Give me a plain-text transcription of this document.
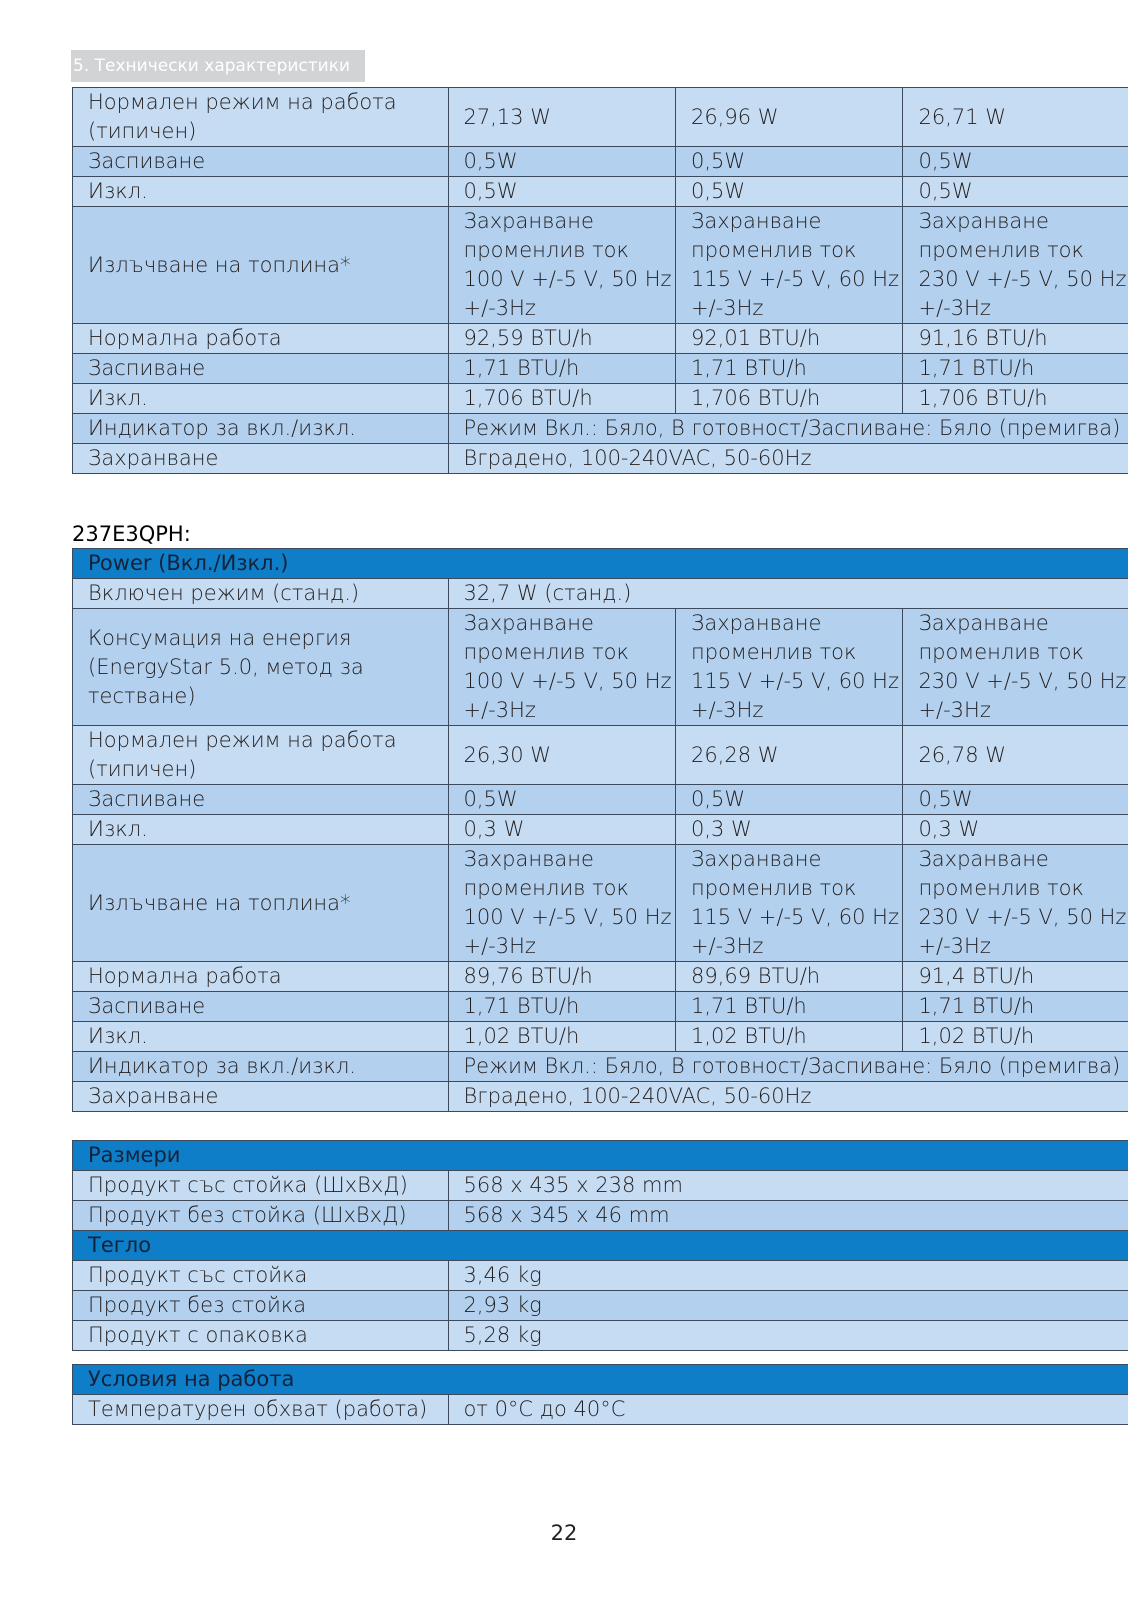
5. Технически характеристики
Нормален режим на работа (типичен)	27,13 W	26,96 W	26,71 W
Заспиване	0,5W	0,5W	0,5W
Изкл.	0,5W	0,5W	0,5W
Излъчване на топлина*	Захранване променлив ток 100 V +/-5 V, 50 Hz +/-3Hz	Захранване променлив ток 115 V +/-5 V, 60 Hz +/-3Hz	Захранване променлив ток 230 V +/-5 V, 50 Hz +/-3Hz
Нормална работа	92,59 BTU/h	92,01 BTU/h	91,16 BTU/h
Заспиване	1,71 BTU/h	1,71 BTU/h	1,71 BTU/h
Изкл.	1,706 BTU/h	1,706 BTU/h	1,706 BTU/h
Индикатор за вкл./изкл.	Режим Вкл.: Бяло, В готовност/Заспиване: Бяло (премигва)		
Захранване	Вградено, 100-240VAC, 50-60Hz		
237E3QPH:
Power (Вкл./Изкл.)			
Включен режим (станд.)	32,7 W (станд.)		
Консумация на енергия (EnergyStar 5.0, метод за тестване)	Захранване променлив ток 100 V +/-5 V, 50 Hz +/-3Hz	Захранване променлив ток 115 V +/-5 V, 60 Hz +/-3Hz	Захранване променлив ток 230 V +/-5 V, 50 Hz +/-3Hz
Нормален режим на работа (типичен)	26,30 W	26,28 W	26,78 W
Заспиване	0,5W	0,5W	0,5W
Изкл.	0,3 W	0,3 W	0,3 W
Излъчване на топлина*	Захранване променлив ток 100 V +/-5 V, 50 Hz +/-3Hz	Захранване променлив ток 115 V +/-5 V, 60 Hz +/-3Hz	Захранване променлив ток 230 V +/-5 V, 50 Hz +/-3Hz
Нормална работа	89,76 BTU/h	89,69 BTU/h	91,4 BTU/h
Заспиване	1,71 BTU/h	1,71 BTU/h	1,71 BTU/h
Изкл.	1,02 BTU/h	1,02 BTU/h	1,02 BTU/h
Индикатор за вкл./изкл.	Режим Вкл.: Бяло, В готовност/Заспиване: Бяло (премигва)		
Захранване	Вградено, 100-240VAC, 50-60Hz		
Размери	
Продукт със стойка (ШхВхД)	568 x 435 x 238 mm
Продукт без стойка (ШхВхД)	568 x 345 x 46 mm
Тегло	
Продукт със стойка	3,46 kg
Продукт без стойка	2,93 kg
Продукт с опаковка	5,28 kg
Условия на работа
Температурен обхват (работа)	от 0°C до 40°C
22
